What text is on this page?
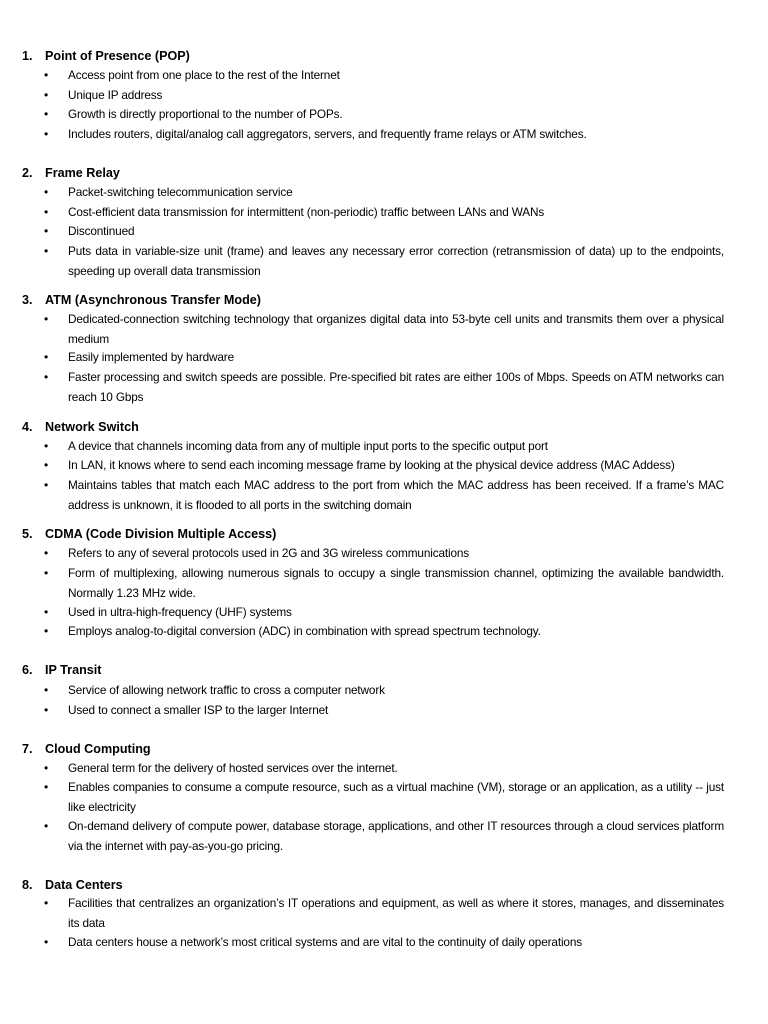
1. Point of Presence (POP)
•	Access point from one place to the rest of the Internet
•	Unique IP address
•	Growth is directly proportional to the number of POPs.
•	Includes routers, digital/analog call aggregators, servers, and frequently frame relays or ATM switches.
2. Frame Relay
•	Packet-switching telecommunication service
•	Cost-efficient data transmission for intermittent (non-periodic) traffic between LANs and WANs
•	Discontinued
•	Puts data in variable-size unit (frame) and leaves any necessary error correction (retransmission of data) up to the endpoints, speeding up overall data transmission
3. ATM (Asynchronous Transfer Mode)
•	Dedicated-connection switching technology that organizes digital data into 53-byte cell units and transmits them over a physical medium
•	Easily implemented by hardware
•	Faster processing and switch speeds are possible. Pre-specified bit rates are either 100s of Mbps. Speeds on ATM networks can reach 10 Gbps
4. Network Switch
•	A device that channels incoming data from any of multiple input ports to the specific output port
•	In LAN, it knows where to send each incoming message frame by looking at the physical device address (MAC Addess)
•	Maintains tables that match each MAC address to the port from which the MAC address has been received. If a frame’s MAC address is unknown, it is flooded to all ports in the switching domain
5. CDMA (Code Division Multiple Access)
•	Refers to any of several protocols used in 2G and 3G wireless communications
•	Form of multiplexing, allowing numerous signals to occupy a single transmission channel, optimizing the available bandwidth. Normally 1.23 MHz wide.
•	Used in ultra-high-frequency (UHF) systems
•	Employs analog-to-digital conversion (ADC) in combination with spread spectrum technology.
6. IP Transit
•	Service of allowing network traffic to cross a computer network
•	Used to connect a smaller ISP to the larger Internet
7. Cloud Computing
•	General term for the delivery of hosted services over the internet.
•	Enables companies to consume a compute resource, such as a virtual machine (VM), storage or an application, as a utility -- just like electricity
•	On-demand delivery of compute power, database storage, applications, and other IT resources through a cloud services platform via the internet with pay-as-you-go pricing.
8. Data Centers
•	Facilities that centralizes an organization’s IT operations and equipment, as well as where it stores, manages, and disseminates its data
•	Data centers house a network’s most critical systems and are vital to the continuity of daily operations
